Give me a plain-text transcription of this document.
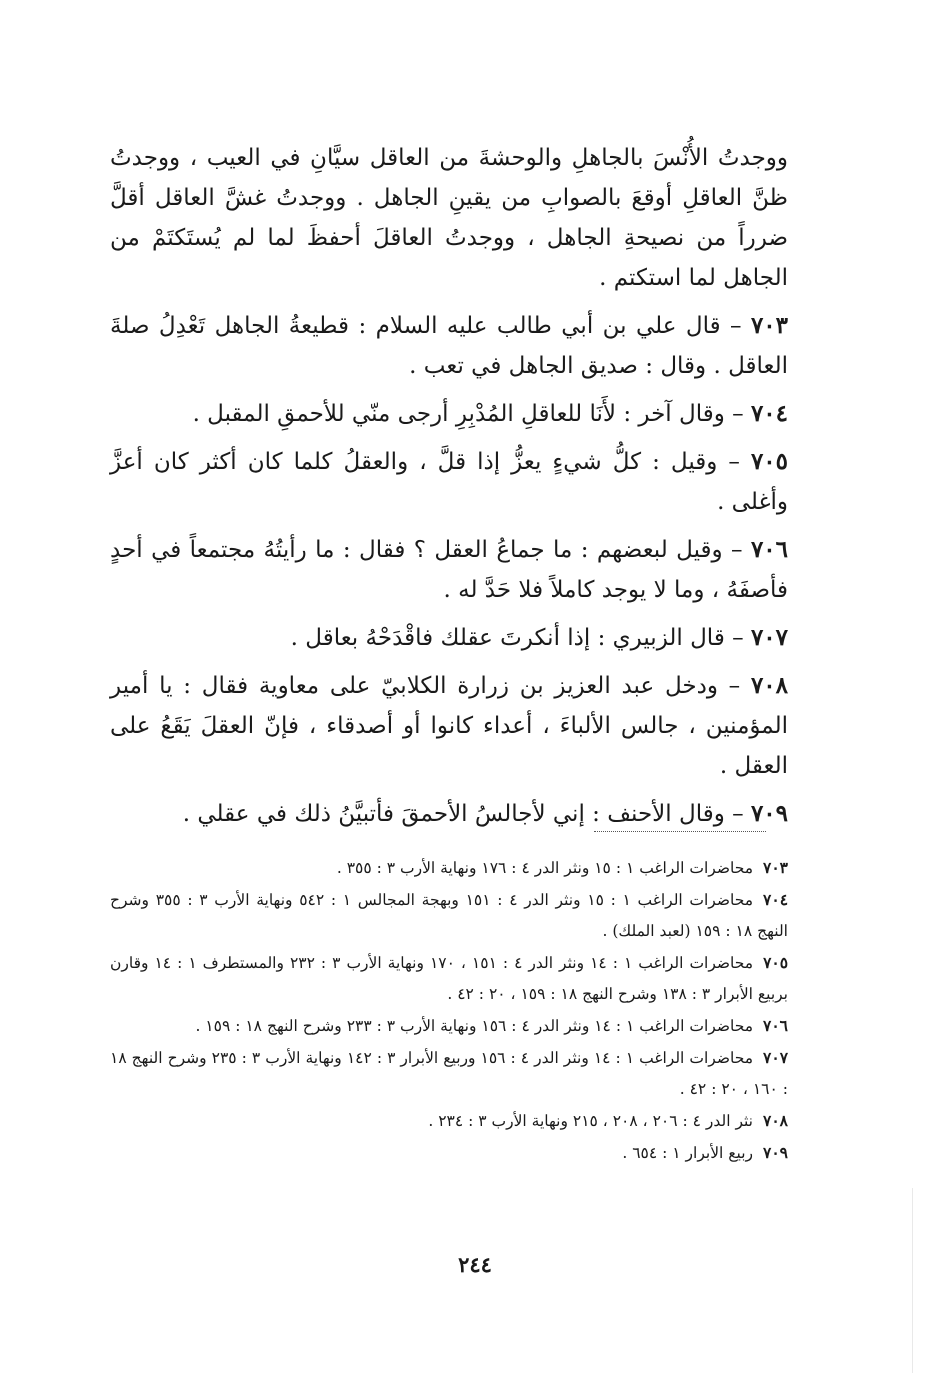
ووجدتُ الأُنْسَ بالجاهلِ والوحشةَ من العاقل سيَّانِ في العيب ، ووجدتُ ظنَّ العاقلِ أوقعَ بالصوابِ من يقينِ الجاهل . ووجدتُ غشَّ العاقل أقلَّ ضرراً من نصيحةِ الجاهل ، ووجدتُ العاقلَ أحفظَ لما لم يُستَكتَمْ من الجاهل لما استكتم .

٧٠٣ – قال علي بن أبي طالب عليه السلام : قطيعةُ الجاهل تَعْدِلُ صلةَ العاقل . وقال : صديق الجاهل في تعب .

٧٠٤ – وقال آخر : لأَنَا للعاقلِ المُدْبِرِ أرجى منّي للأحمقِ المقبل .

٧٠٥ – وقيل : كلُّ شيءٍ يعزُّ إذا قلَّ ، والعقلُ كلما كان أكثر كان أعزَّ وأغلى .

٧٠٦ – وقيل لبعضهم : ما جماعُ العقل ؟ فقال : ما رأيتُهُ مجتمعاً في أحدٍ فأصفَهُ ، وما لا يوجد كاملاً فلا حَدَّ له .

٧٠٧ – قال الزبيري : إذا أنكرتَ عقلك فاقْدَحْهُ بعاقل .

٧٠٨ – ودخل عبد العزيز بن زرارة الكلابيّ على معاوية فقال : يا أمير المؤمنين ، جالس الألباءَ ، أعداء كانوا أو أصدقاء ، فإنّ العقلَ يَقَعُ على العقل .

٧٠٩ – وقال الأحنف : إني لأجالسُ الأحمقَ فأتبيَّنُ ذلك في عقلي .

٧٠٣محاضرات الراغب ١ : ١٥ ونثر الدر ٤ : ١٧٦ ونهاية الأرب ٣ : ٣٥٥ .

٧٠٤محاضرات الراغب ١ : ١٥ ونثر الدر ٤ : ١٥١ وبهجة المجالس ١ : ٥٤٢ ونهاية الأرب ٣ : ٣٥٥ وشرح النهج ١٨ : ١٥٩ (لعبد الملك) .

٧٠٥محاضرات الراغب ١ : ١٤ ونثر الدر ٤ : ١٥١ ، ١٧٠ ونهاية الأرب ٣ : ٢٣٢ والمستطرف ١ : ١٤ وقارن بربيع الأبرار ٣ : ١٣٨ وشرح النهج ١٨ : ١٥٩ ، ٢٠ : ٤٢ .

٧٠٦محاضرات الراغب ١ : ١٤ ونثر الدر ٤ : ١٥٦ ونهاية الأرب ٣ : ٢٣٣ وشرح النهج ١٨ : ١٥٩ .

٧٠٧محاضرات الراغب ١ : ١٤ ونثر الدر ٤ : ١٥٦ وربيع الأبرار ٣ : ١٤٢ ونهاية الأرب ٣ : ٢٣٥ وشرح النهج ١٨ : ١٦٠ ، ٢٠ : ٤٢ .

٧٠٨نثر الدر ٤ : ٢٠٦ ، ٢٠٨ ، ٢١٥ ونهاية الأرب ٣ : ٢٣٤ .

٧٠٩ربيع الأبرار ١ : ٦٥٤ .

٢٤٤
